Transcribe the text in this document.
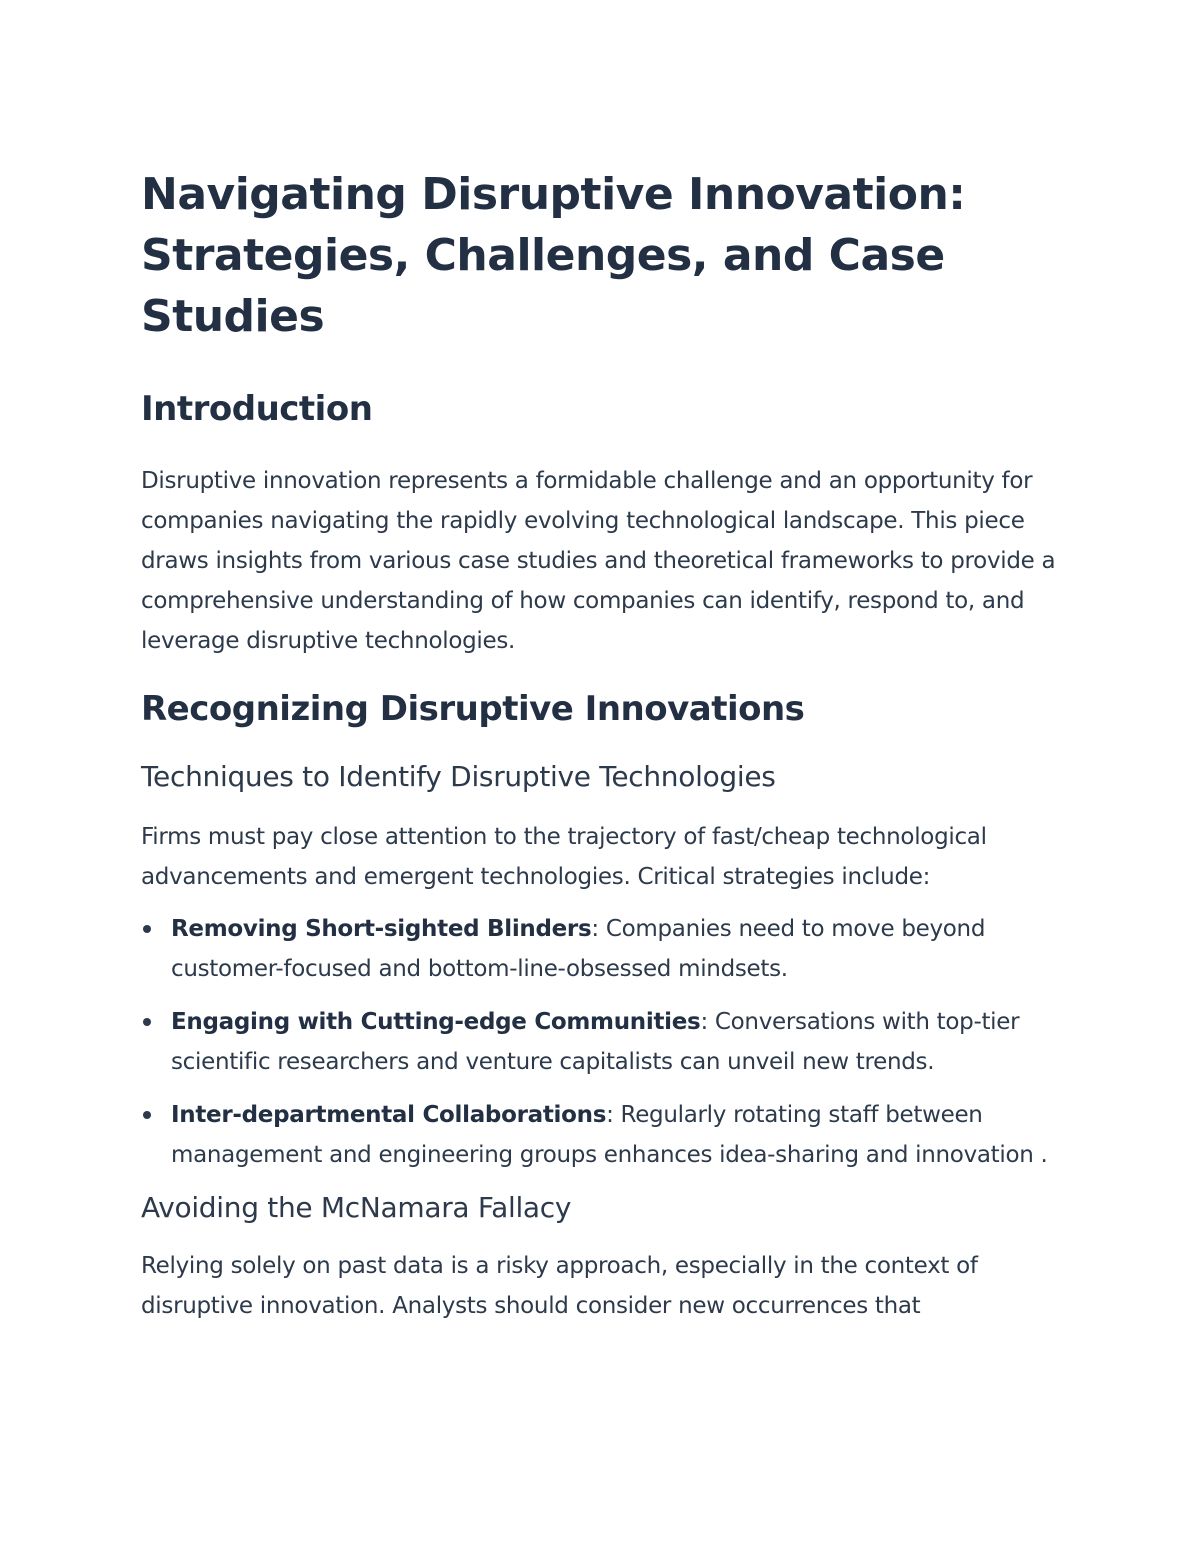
Navigating Disruptive Innovation: Strategies, Challenges, and Case Studies
Introduction

Disruptive innovation represents a formidable challenge and an opportunity for companies navigating the rapidly evolving technological landscape. This piece draws insights from various case studies and theoretical frameworks to provide a comprehensive understanding of how companies can identify, respond to, and leverage disruptive technologies.

Recognizing Disruptive Innovations
Techniques to Identify Disruptive Technologies

Firms must pay close attention to the trajectory of fast/cheap technological advancements and emergent technologies. Critical strategies include:

Removing Short-sighted Blinders: Companies need to move beyond customer-focused and bottom-line-obsessed mindsets.
Engaging with Cutting-edge Communities: Conversations with top-tier scientific researchers and venture capitalists can unveil new trends.
Inter-departmental Collaborations: Regularly rotating staff between management and engineering groups enhances idea-sharing and innovation .
Avoiding the McNamara Fallacy

Relying solely on past data is a risky approach, especially in the context of disruptive innovation. Analysts should consider new occurrences that
